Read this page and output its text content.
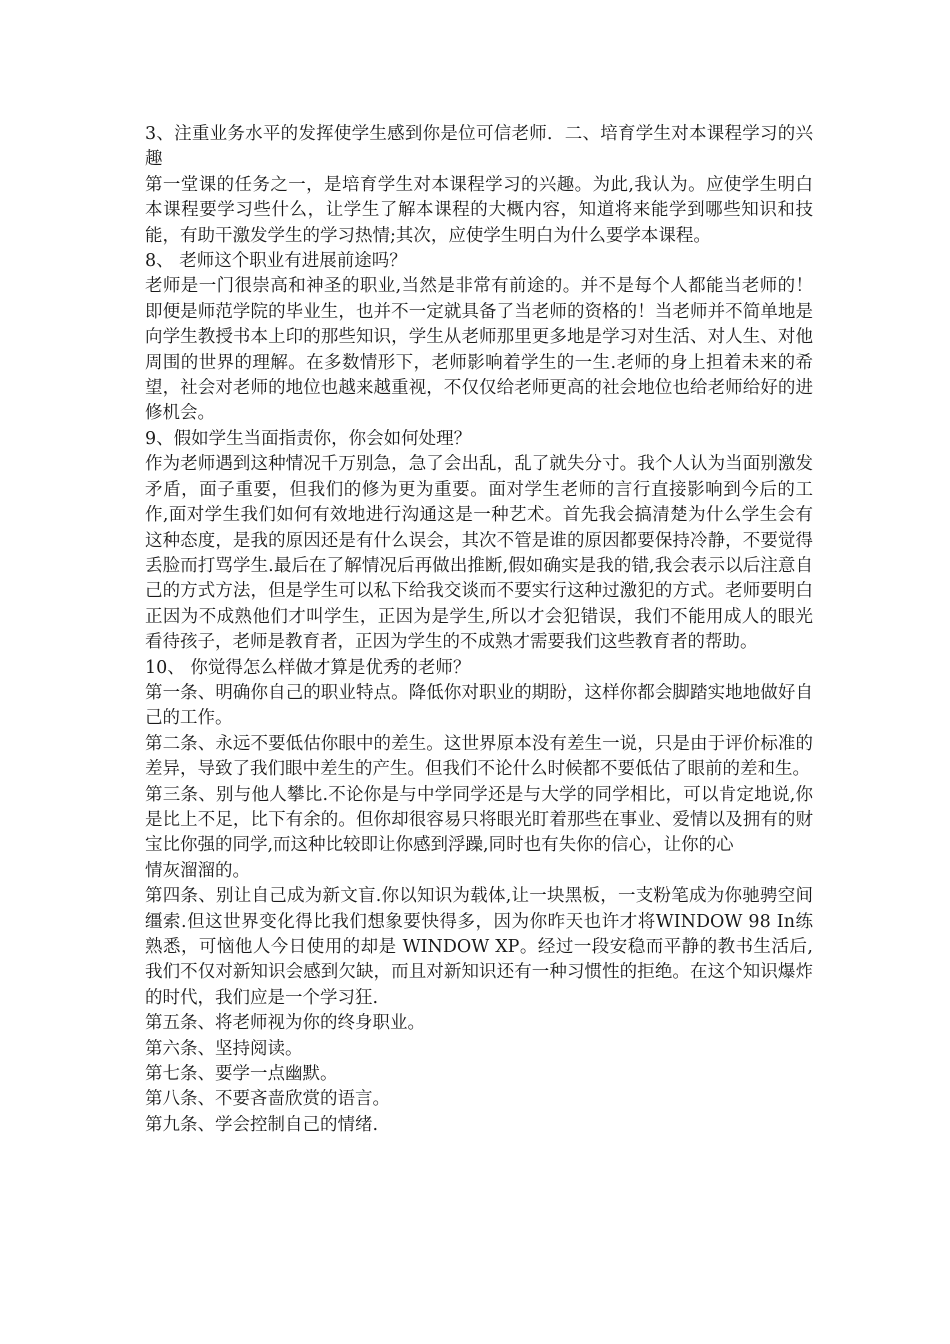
3、注重业务水平的发挥使学生感到你是位可信老师．二、培育学生对本课程学习的兴趣

第一堂课的任务之一，是培育学生对本课程学习的兴趣。为此,我认为。应使学生明白本课程要学习些什么，让学生了解本课程的大概内容，知道将来能学到哪些知识和技能，有助干激发学生的学习热情;其次，应使学生明白为什么要学本课程。

8、 老师这个职业有进展前途吗？

老师是一门很崇高和神圣的职业,当然是非常有前途的。并不是每个人都能当老师的！即便是师范学院的毕业生，也并不一定就具备了当老师的资格的！当老师并不简单地是向学生教授书本上印的那些知识，学生从老师那里更多地是学习对生活、对人生、对他周围的世界的理解。在多数情形下，老师影响着学生的一生.老师的身上担着未来的希望，社会对老师的地位也越来越重视，不仅仅给老师更高的社会地位也给老师给好的进修机会。

9、假如学生当面指责你，你会如何处理？

作为老师遇到这种情况千万别急，急了会出乱，乱了就失分寸。我个人认为当面别激发矛盾，面子重要，但我们的修为更为重要。面对学生老师的言行直接影响到今后的工作,面对学生我们如何有效地进行沟通这是一种艺术。首先我会搞清楚为什么学生会有这种态度，是我的原因还是有什么误会，其次不管是谁的原因都要保持冷静，不要觉得丢脸而打骂学生.最后在了解情况后再做出推断,假如确实是我的错,我会表示以后注意自己的方式方法，但是学生可以私下给我交谈而不要实行这种过激犯的方式。老师要明白正因为不成熟他们才叫学生，正因为是学生,所以才会犯错误，我们不能用成人的眼光看待孩子，老师是教育者，正因为学生的不成熟才需要我们这些教育者的帮助。

10、 你觉得怎么样做才算是优秀的老师？

第一条、明确你自己的职业特点。降低你对职业的期盼，这样你都会脚踏实地地做好自己的工作。

第二条、永远不要低估你眼中的差生。这世界原本没有差生一说，只是由于评价标准的差异，导致了我们眼中差生的产生。但我们不论什么时候都不要低估了眼前的差和生。

第三条、别与他人攀比.不论你是与中学同学还是与大学的同学相比，可以肯定地说,你是比上不足，比下有余的。但你却很容易只将眼光盯着那些在事业、爱情以及拥有的财宝比你强的同学,而这种比较即让你感到浮躁,同时也有失你的信心，让你的心

情灰溜溜的。

第四条、别让自己成为新文盲.你以知识为载体,让一块黑板，一支粉笔成为你驰骋空间缰索.但这世界变化得比我们想象要快得多，因为你昨天也许才将WINDOW 98 In练熟悉，可恼他人今日使用的却是 WINDOW XP。经过一段安稳而平静的教书生活后,我们不仅对新知识会感到欠缺，而且对新知识还有一种习惯性的拒绝。在这个知识爆炸的时代，我们应是一个学习狂.

第五条、将老师视为你的终身职业。

第六条、坚持阅读。

第七条、要学一点幽默。

第八条、不要吝啬欣赏的语言。

第九条、学会控制自己的情绪.
